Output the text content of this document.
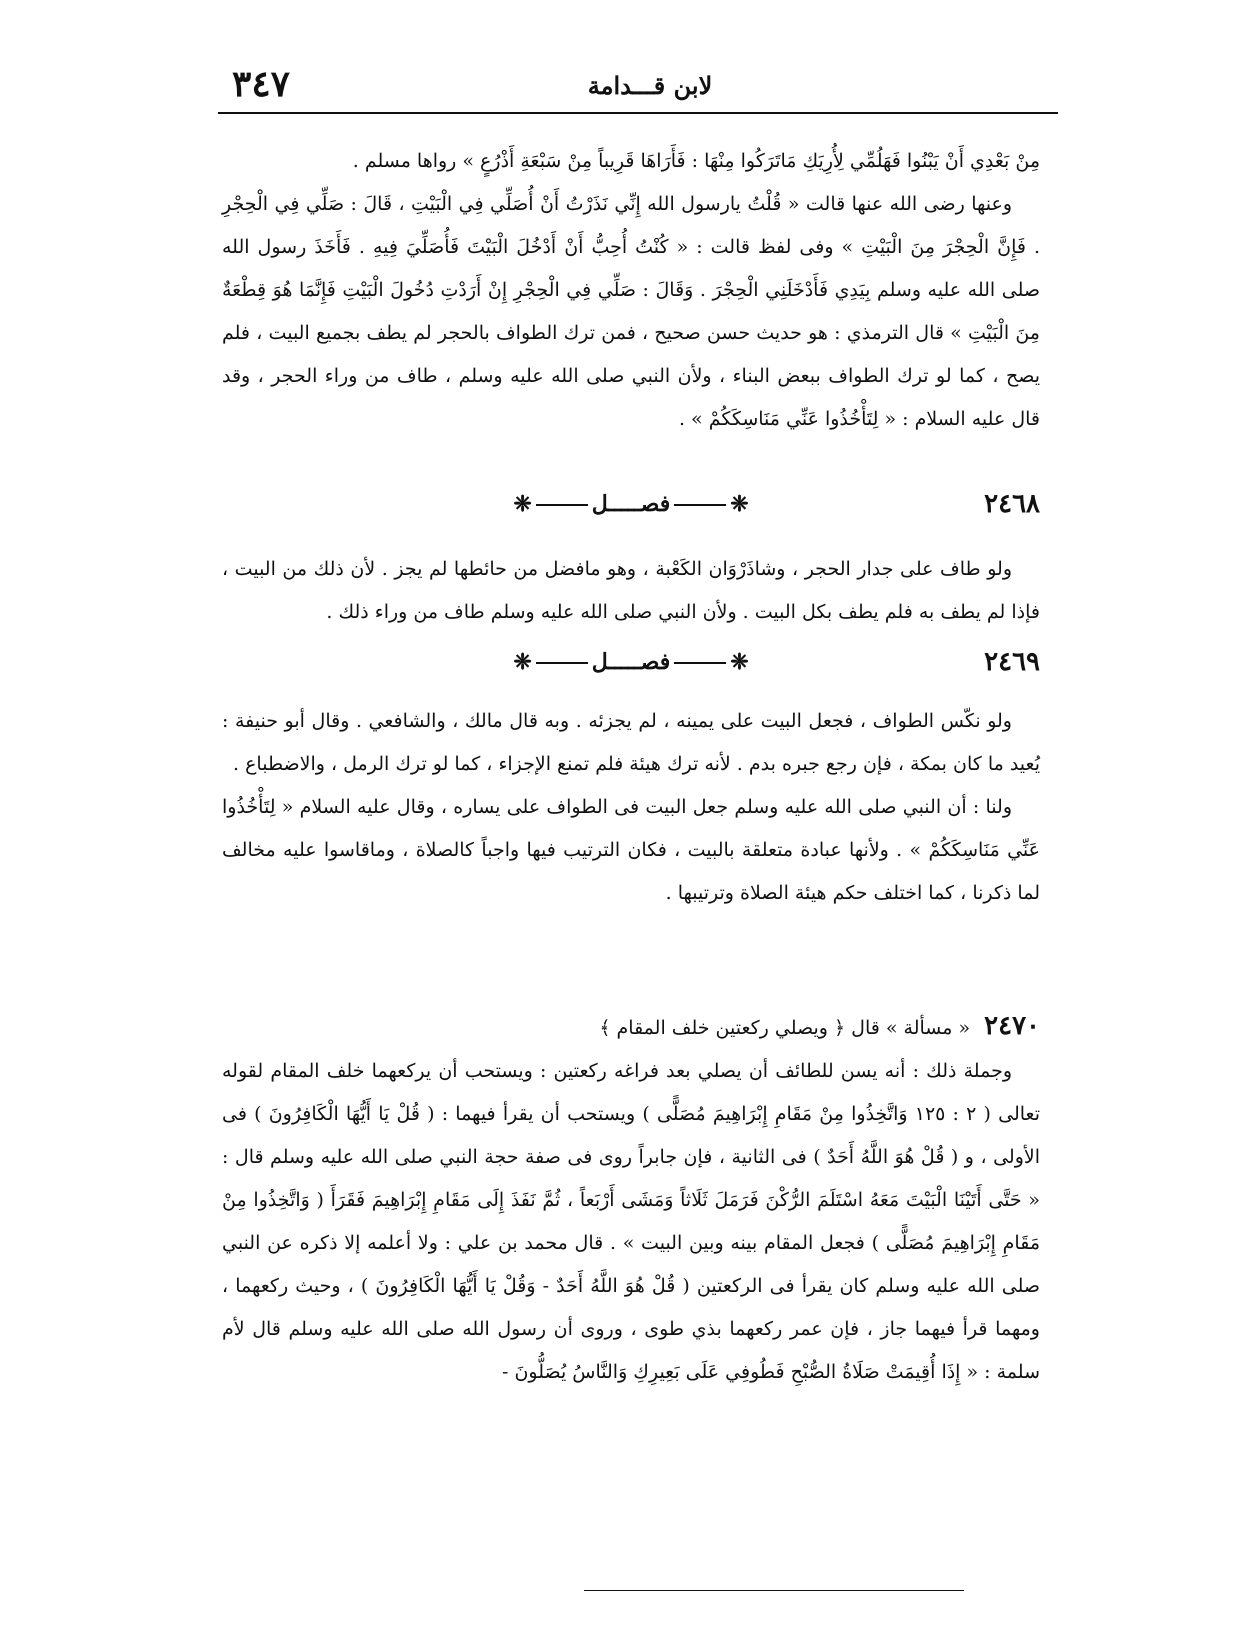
٣٤٧	لابن قـــدامة

مِنْ بَعْدِي أَنْ يَبْنُوا فَهَلُمِّي لِأُرِيَكِ مَاتَرَكُوا مِنْهَا : فَأَرَاهَا قَرِيباً مِنْ سَبْعَةِ أَذْرُعٍ » رواها مسلم .

وعنها رضى الله عنها قالت « قُلْتُ يارسول الله إِنِّي نَذَرْتُ أَنْ أُصَلِّي فِي الْبَيْتِ ، قَالَ : صَلِّي فِي الْحِجْرِ . فَإِنَّ الْحِجْرَ مِنَ الْبَيْتِ » وفى لفظ قالت : « كُنْتُ أُحِبُّ أَنْ أَدْخُلَ الْبَيْتَ فَأُصَلِّيَ فِيهِ . فَأَخَذَ رسول الله صلى الله عليه وسلم بِيَدِي فَأَدْخَلَنِي الْحِجْرَ . وَقَالَ : صَلِّي فِي الْحِجْرِ إِنْ أَرَدْتِ دُخُولَ الْبَيْتِ فَإِنَّمَا هُوَ قِطْعَةٌ مِنَ الْبَيْتِ » قال الترمذي : هو حديث حسن صحيح ، فمن ترك الطواف بالحجر لم يطف بجميع البيت ، فلم يصح ، كما لو ترك الطواف ببعض البناء ، ولأن النبي صلى الله عليه وسلم ، طاف من وراء الحجر ، وقد قال عليه السلام : « لِتَأْخُذُوا عَنِّي مَنَاسِكَكُمْ » .

٢٤٦٨
❈فصـــــل❈

ولو طاف على جدار الحجر ، وشاذَرْوَان الكَعْبة ، وهو مافضل من حائطها لم يجز . لأن ذلك من البيت ، فإذا لم يطف به فلم يطف بكل البيت . ولأن النبي صلى الله عليه وسلم طاف من وراء ذلك .

٢٤٦٩
❈فصـــــل❈

ولو نكّس الطواف ، فجعل البيت على يمينه ، لم يجزئه . وبه قال مالك ، والشافعي . وقال أبو حنيفة : يُعيد ما كان بمكة ، فإن رجع جبره بدم . لأنه ترك هيئة فلم تمنع الإجزاء ، كما لو ترك الرمل ، والاضطباع .

ولنا : أن النبي صلى الله عليه وسلم جعل البيت فى الطواف على يساره ، وقال عليه السلام « لِتَأْخُذُوا عَنِّي مَنَاسِكَكُمْ » . ولأنها عبادة متعلقة بالبيت ، فكان الترتيب فيها واجباً كالصلاة ، وماقاسوا عليه مخالف لما ذكرنا ، كما اختلف حكم هيئة الصلاة وترتيبها .

٢٤٧٠ « مسألة » قال ﴿ ويصلي ركعتين خلف المقام ﴾

وجملة ذلك : أنه يسن للطائف أن يصلي بعد فراغه ركعتين : ويستحب أن يركعهما خلف المقام لقوله تعالى ( ٢ : ١٢٥ وَاتَّخِذُوا مِنْ مَقَامِ إِبْرَاهِيمَ مُصَلًّى ) ويستحب أن يقرأ فيهما : ( قُلْ يَا أَيُّهَا الْكَافِرُونَ ) فى الأولى ، و ( قُلْ هُوَ اللَّهُ أَحَدٌ ) فى الثانية ، فإن جابراً روى فى صفة حجة النبي صلى الله عليه وسلم قال : « حَتَّى أَتَيْنَا الْبَيْتَ مَعَهُ اسْتَلَمَ الرُّكْنَ فَرَمَلَ ثَلَاثاً وَمَشَى أَرْبَعاً ، ثُمَّ نَفَذَ إِلَى مَقَامِ إِبْرَاهِيمَ فَقَرَأَ ( وَاتَّخِذُوا مِنْ مَقَامِ إِبْرَاهِيمَ مُصَلًّى ) فجعل المقام بينه وبين البيت » . قال محمد بن علي : ولا أعلمه إلا ذكره عن النبي صلى الله عليه وسلم كان يقرأ فى الركعتين ( قُلْ هُوَ اللَّهُ أَحَدٌ - وَقُلْ يَا أَيُّهَا الْكَافِرُونَ ) ، وحيث ركعهما ، ومهما قرأ فيهما جاز ، فإن عمر ركعهما بذي طوى ، وروى أن رسول الله صلى الله عليه وسلم قال لأم سلمة : « إِذَا أُقِيمَتْ صَلَاةُ الصُّبْحِ فَطُوفِي عَلَى بَعِيرِكِ وَالنَّاسُ يُصَلُّونَ -
